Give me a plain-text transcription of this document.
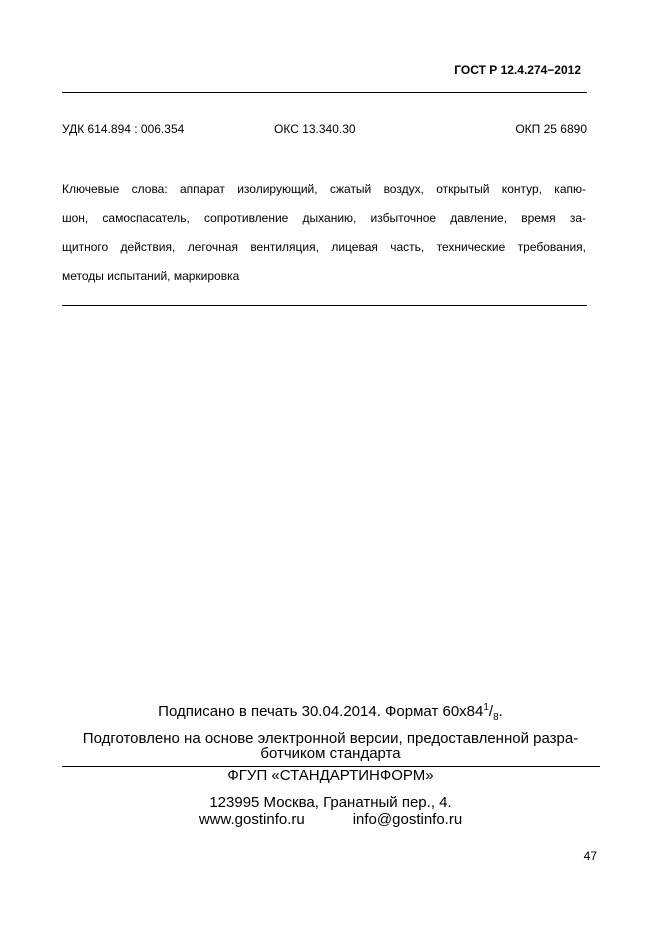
ГОСТ Р 12.4.274−2012
УДК 614.894 : 006.354	ОКС 13.340.30	ОКП 25 6890
Ключевые слова: аппарат изолирующий, сжатый воздух, открытый контур, капю-
шон, самоспасатель, сопротивление дыханию, избыточное давление, время за-
щитного действия, легочная вентиляция, лицевая часть, технические требования,
методы испытаний, маркировка
Подписано в печать 30.04.2014. Формат $60х84^1/_8$.
Подготовлено на основе электронной версии, предоставленной разра-
ботчиком стандарта
ФГУП «СТАНДАРТИНФОРМ»
123995 Москва, Гранатный пер., 4.
www.gostinfo.ru	info@gostinfo.ru
47
